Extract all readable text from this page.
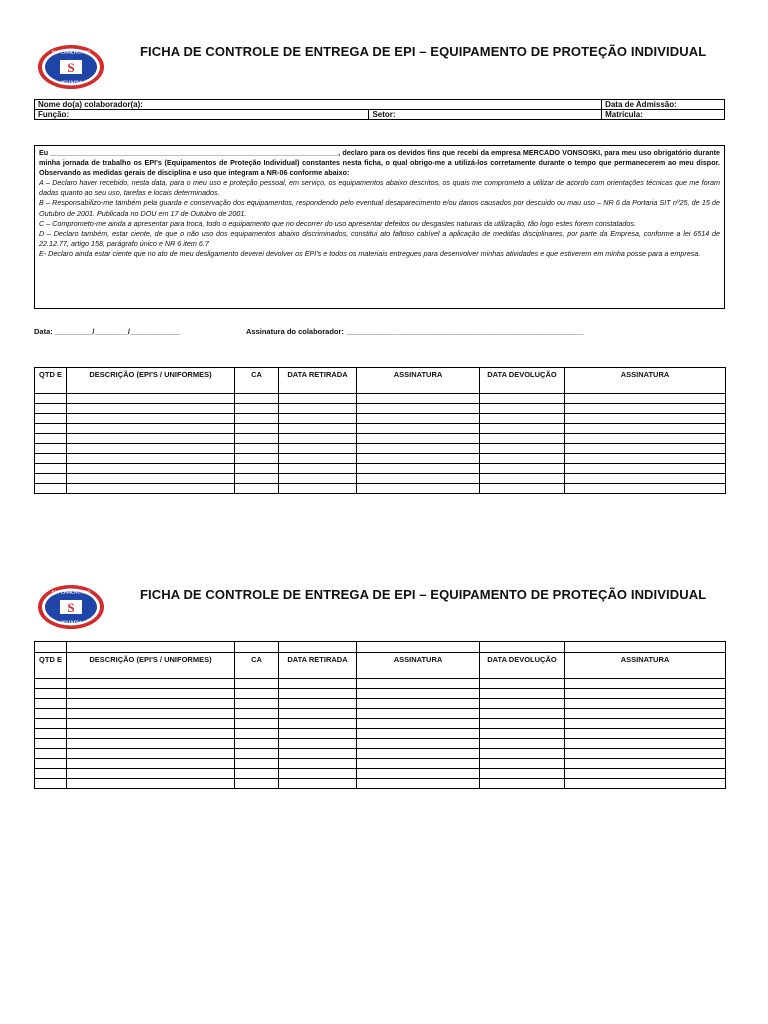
S
SUPERMERCADO
IGUAÇU
FICHA DE CONTROLE DE ENTREGA DE EPI – EQUIPAMENTO DE PROTEÇÃO INDIVIDUAL
Nome do(a) colaborador(a):		Data de Admissão:
Função:	Setor:	Matrícula:

Eu ________________________________________________________________________, declaro para os devidos fins que recebi da empresa MERCADO VONSOSKI, para meu uso obrigatório durante minha jornada de trabalho os EPI's (Equipamentos de Proteção Individual) constantes nesta ficha, o qual obrigo-me a utilizá-los corretamente durante o tempo que permanecerem ao meu dispor. Observando as medidas gerais de disciplina e uso que integram a NR-06 conforme abaixo:

A – Declaro haver recebido, nesta data, para o meu uso e proteção pessoal, em serviço, os equipamentos abaixo descritos, os quais me comprometo a utilizar de acordo com orientações técnicas que me foram dadas quanto ao seu uso, tarefas e locais determinados.

B – Responsabilizo-me também pela guarda e conservação dos equipamentos, respondendo pelo eventual desaparecimento e/ou danos causados por descuido ou mau uso – NR 6 da Portaria SIT nº25, de 15 de Outubro de 2001. Publicada no DOU em 17 de Outubro de 2001.

C – Comprometo-me ainda a apresentar para troca, todo o equipamento que no decorrer do uso apresentar defeitos ou desgastes naturais da utilização, tão logo estes forem constatados.

D – Declaro também, estar ciente, de que o não uso dos equipamentos abaixo discriminados, constitui ato faltoso cabível a aplicação de medidas disciplinares, por parte da Empresa, conforme a lei 6514 de 22.12.77, artigo 158, parágrafo único e NR 6 item 6.7

E- Declaro ainda estar ciente que no ato de meu desligamento deverei devolver os EPI's e todos os materiais entregues para desenvolver minhas atividades e que estiverem em minha posse para a empresa.

Data: _________/________/____________	Assinatura do colaborador: _________________________________________________________
QTD E	DESCRIÇÃO (EPI'S / UNIFORMES)	CA	DATA RETIRADA	ASSINATURA	DATA DEVOLUÇÃO	ASSINATURA

S
SUPERMERCADO
IGUAÇU
FICHA DE CONTROLE DE ENTREGA DE EPI – EQUIPAMENTO DE PROTEÇÃO INDIVIDUAL

QTD E	DESCRIÇÃO (EPI'S / UNIFORMES)	CA	DATA RETIRADA	ASSINATURA	DATA DEVOLUÇÃO	ASSINATURA
